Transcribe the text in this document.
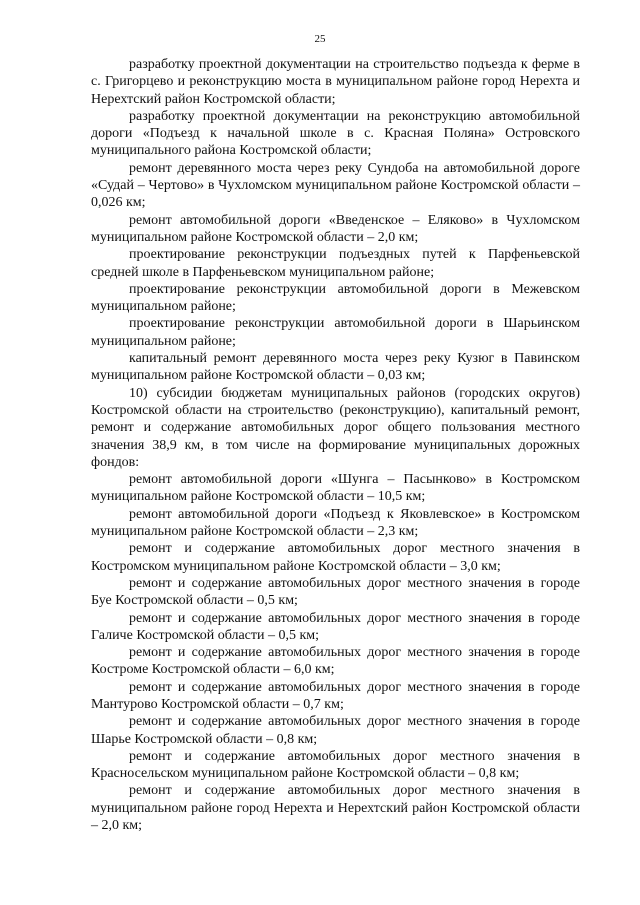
25

разработку проектной документации на строительство подъезда к ферме в с. Григорцево и реконструкцию моста в муниципальном районе город Нерехта и Нерехтский район Костромской области;

разработку проектной документации на реконструкцию автомобильной дороги «Подъезд к начальной школе в с. Красная Поляна» Островского муниципального района Костромской области;

ремонт деревянного моста через реку Сундоба на автомобильной дороге «Судай – Чертово» в Чухломском муниципальном районе Костромской области – 0,026 км;

ремонт автомобильной дороги «Введенское – Еляково» в Чухломском муниципальном районе Костромской области – 2,0 км;

проектирование реконструкции подъездных путей к Парфеньевской средней школе в Парфеньевском муниципальном районе;

проектирование реконструкции автомобильной дороги в Межевском муниципальном районе;

проектирование реконструкции автомобильной дороги в Шарьинском муниципальном районе;

капитальный ремонт деревянного моста через реку Кузюг в Павинском муниципальном районе Костромской области – 0,03 км;

10) субсидии бюджетам муниципальных районов (городских округов) Костромской области на строительство (реконструкцию), капитальный ремонт, ремонт и содержание автомобильных дорог общего пользования местного значения 38,9 км, в том числе на формирование муниципальных дорожных фондов:

ремонт автомобильной дороги «Шунга – Пасынково» в Костромском муниципальном районе Костромской области – 10,5 км;

ремонт автомобильной дороги «Подъезд к Яковлевское» в Костромском муниципальном районе Костромской области – 2,3 км;

ремонт и содержание автомобильных дорог местного значения в Костромском муниципальном районе Костромской области – 3,0 км;

ремонт и содержание автомобильных дорог местного значения в городе Буе Костромской области – 0,5 км;

ремонт и содержание автомобильных дорог местного значения в городе Галиче Костромской области – 0,5 км;

ремонт и содержание автомобильных дорог местного значения в городе Костроме Костромской области – 6,0 км;

ремонт и содержание автомобильных дорог местного значения в городе Мантурово Костромской области – 0,7 км;

ремонт и содержание автомобильных дорог местного значения в городе Шарье Костромской области – 0,8 км;

ремонт и содержание автомобильных дорог местного значения в Красносельском муниципальном районе Костромской области – 0,8 км;

ремонт и содержание автомобильных дорог местного значения в муниципальном районе город Нерехта и Нерехтский район Костромской области – 2,0 км;
